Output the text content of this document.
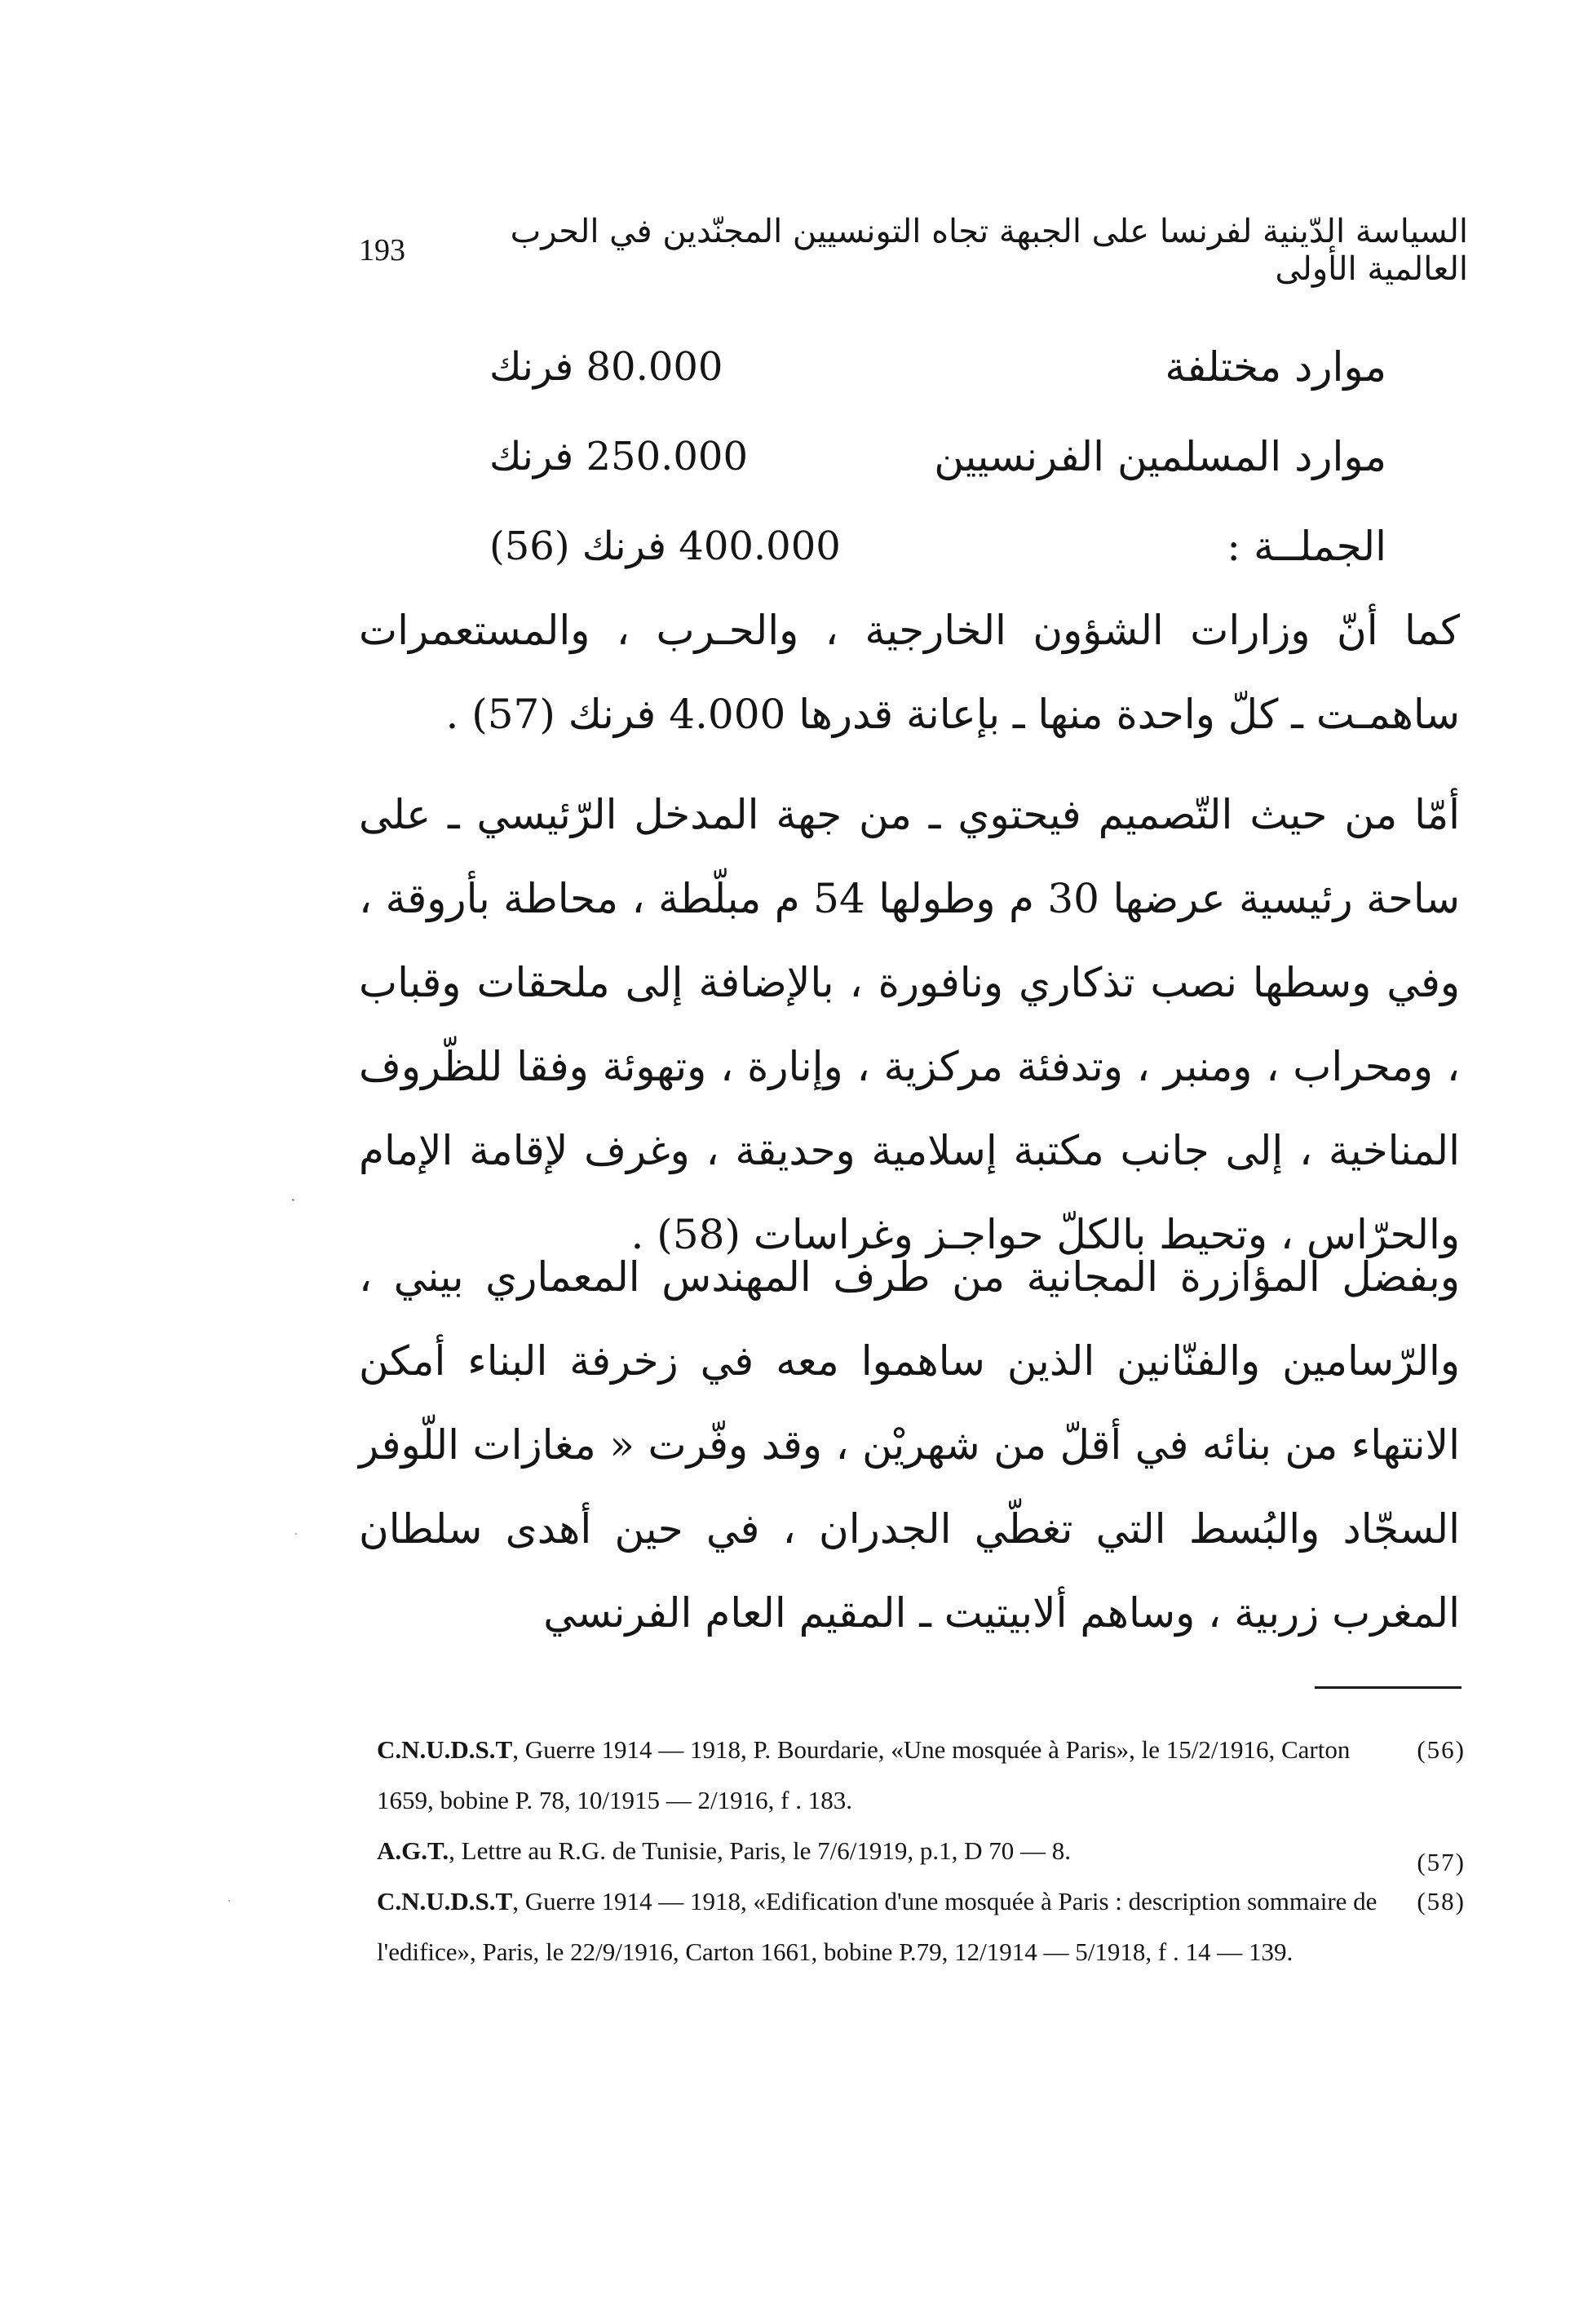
193	السياسة الدّينية لفرنسا على الجبهة تجاه التونسيين المجنّدين في الحرب العالمية الأولى
موارد مختلفة
80.000 فرنك
موارد المسلمين الفرنسيين
250.000 فرنك
الجملــة :
400.000 فرنك (56)

كما أنّ وزارات الشؤون الخارجية ، والحـرب ، والمستعمرات ساهمـت ـ كلّ واحدة منها ـ بإعانة قدرها 4.000 فرنك (57) .

أمّا من حيث التّصميم فيحتوي ـ من جهة المدخل الرّئيسي ـ على ساحة رئيسية عرضها 30 م وطولها 54 م مبلّطة ، محاطة بأروقة ، وفي وسطها نصب تذكاري ونافورة ، بالإضافة إلى ملحقات وقباب ، ومحراب ، ومنبر ، وتدفئة مركزية ، وإنارة ، وتهوئة وفقا للظّروف المناخية ، إلى جانب مكتبة إسلامية وحديقة ، وغرف لإقامة الإمام والحرّاس ، وتحيط بالكلّ حواجـز وغراسات (58) .

وبفضل المؤازرة المجانية من طرف المهندس المعماري بيني ، والرّسامين والفنّانين الذين ساهموا معه في زخرفة البناء أمكن الانتهاء من بنائه في أقلّ من شهريْن ، وقد وفّرت « مغازات اللّوفر السجّاد والبُسط التي تغطّي الجدران ، في حين أهدى سلطان المغرب زربية ، وساهم ألابيتيت ـ المقيم العام الفرنسي

(56)
C.N.U.D.S.T, Guerre 1914 — 1918, P. Bourdarie, «Une mosquée à Paris», le 15/2/1916, Carton 1659, bobine P. 78, 10/1915 — 2/1916, f . 183.
(57)
A.G.T., Lettre au R.G. de Tunisie, Paris, le 7/6/1919, p.1, D 70 — 8.
(58)
C.N.U.D.S.T, Guerre 1914 — 1918, «Edification d'une mosquée à Paris : description sommaire de l'edifice», Paris, le 22/9/1916, Carton 1661, bobine P.79, 12/1914 — 5/1918, f . 14 — 139.
